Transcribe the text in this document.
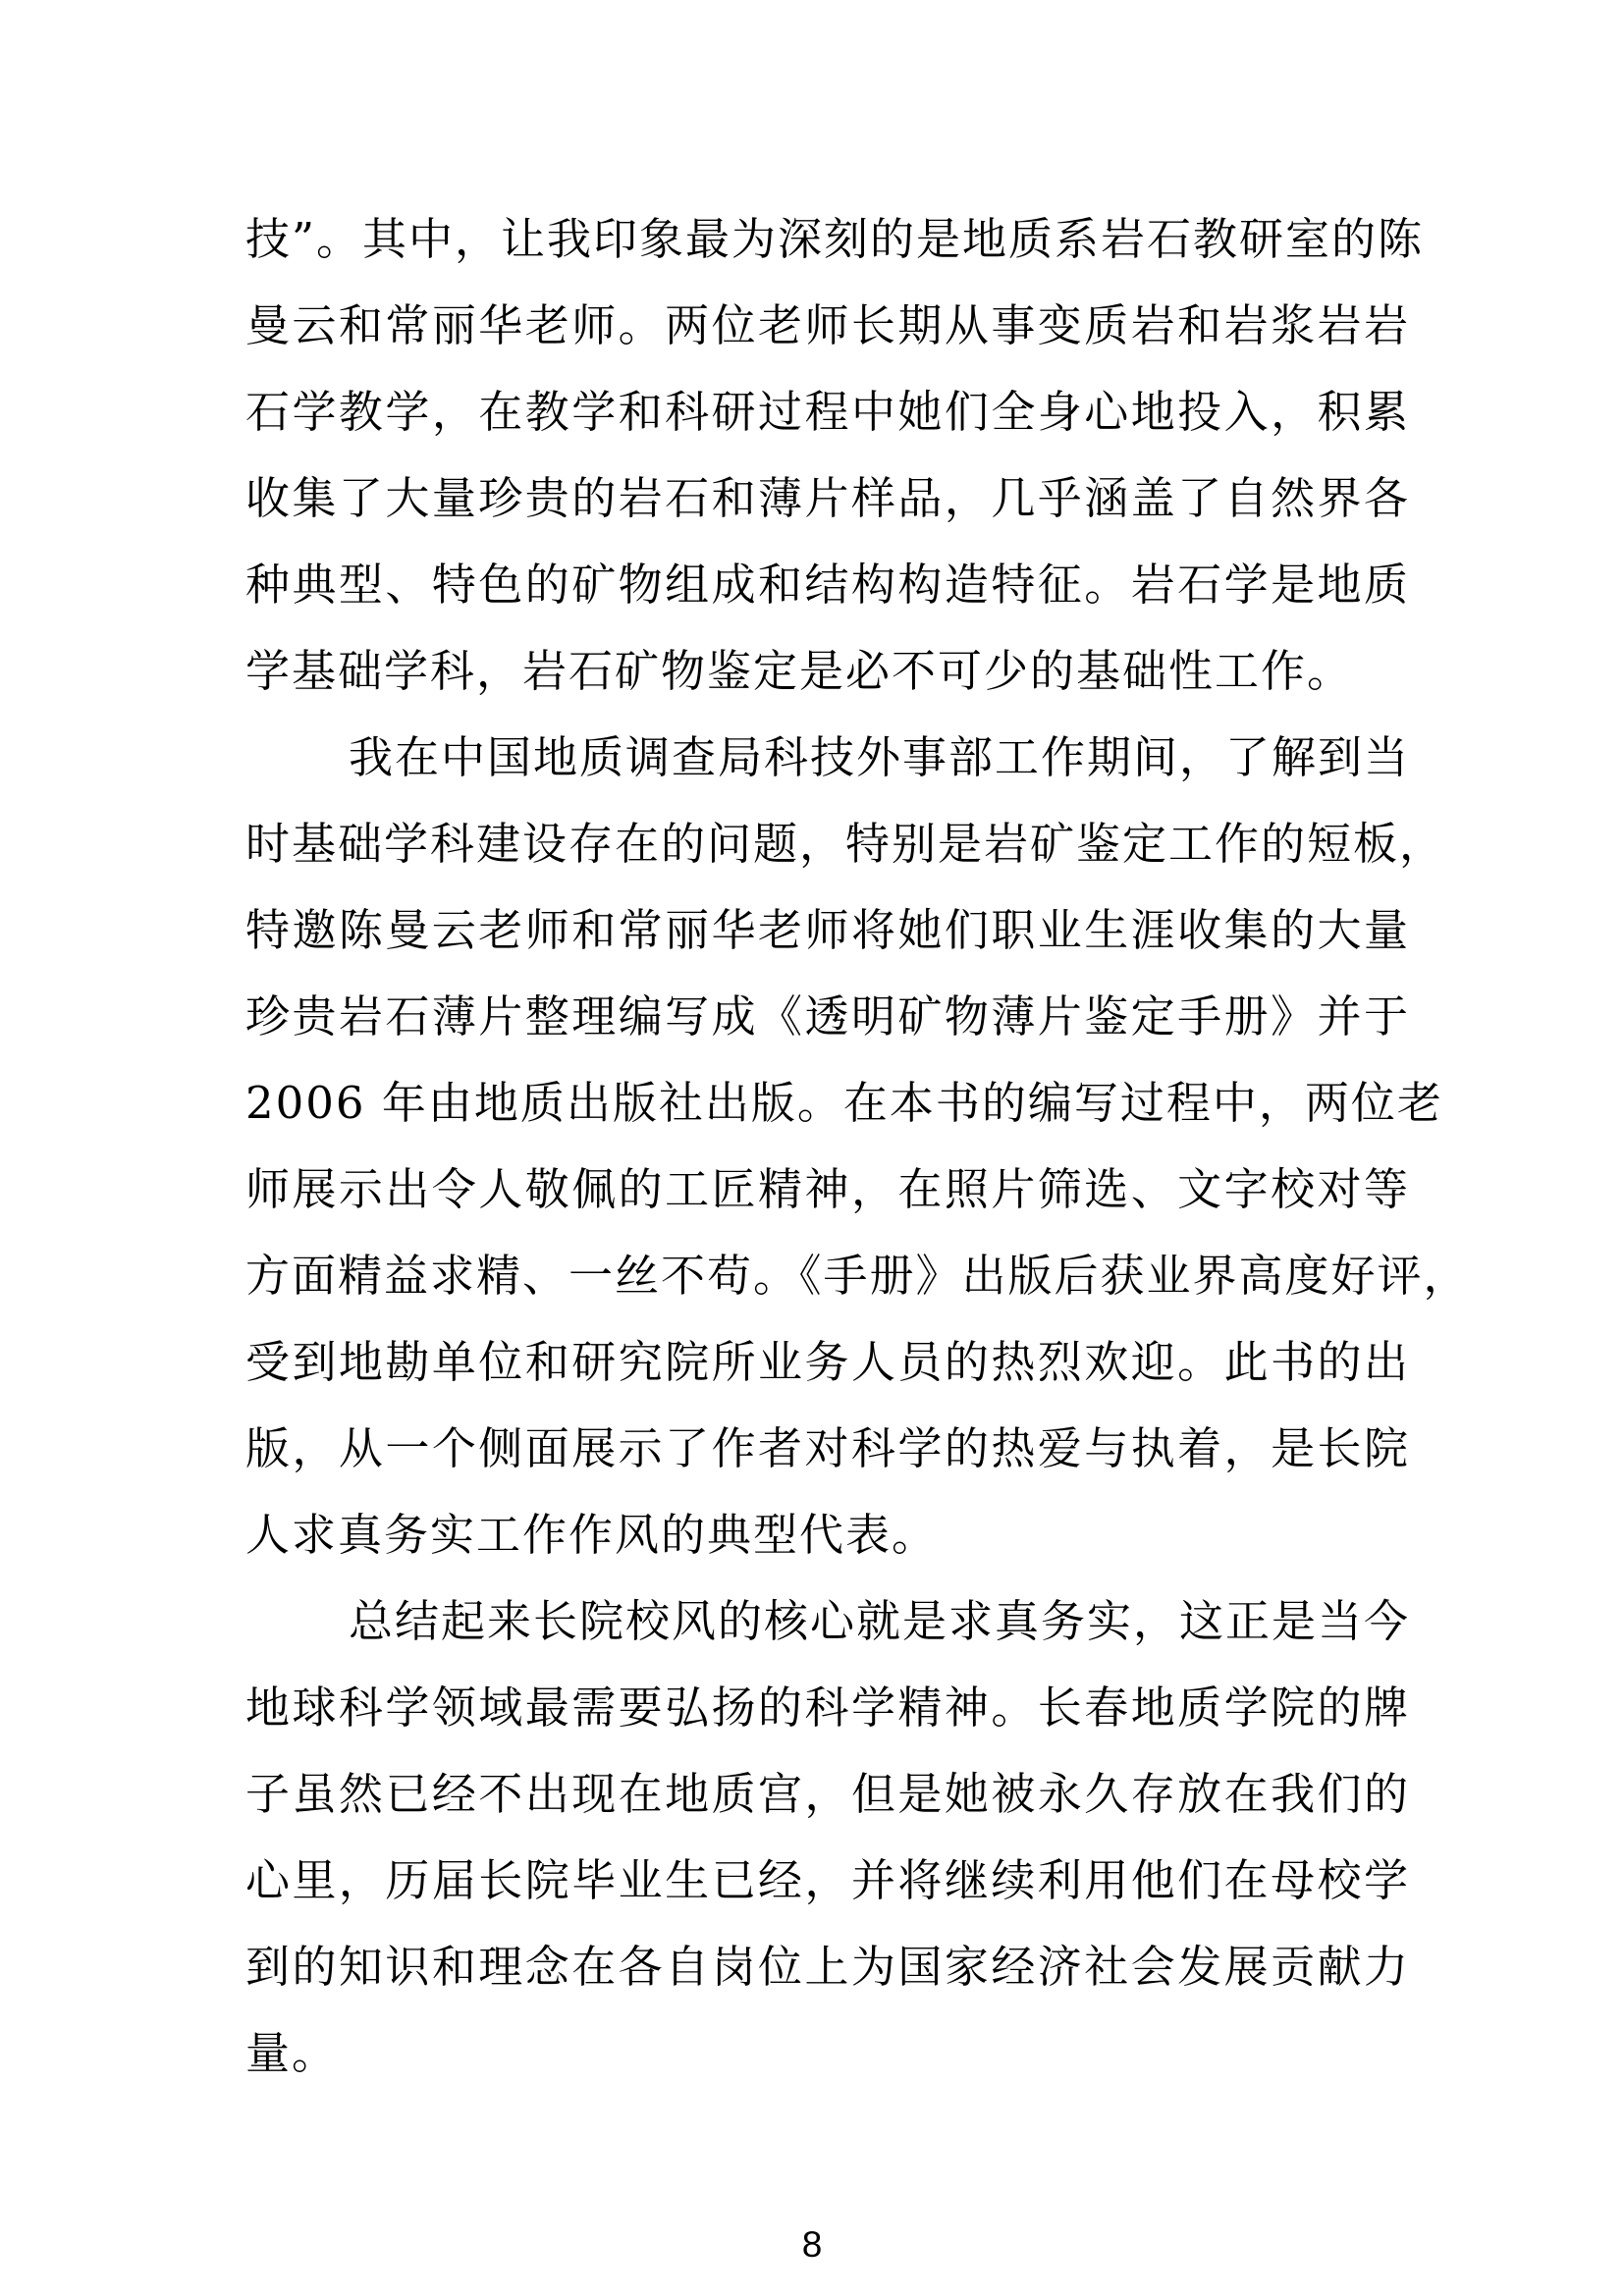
技”。其中，让我印象最为深刻的是地质系岩石教研室的陈
曼云和常丽华老师。两位老师长期从事变质岩和岩浆岩岩
石学教学，在教学和科研过程中她们全身心地投入，积累
收集了大量珍贵的岩石和薄片样品，几乎涵盖了自然界各
种典型、特色的矿物组成和结构构造特征。岩石学是地质
学基础学科，岩石矿物鉴定是必不可少的基础性工作。
我在中国地质调查局科技外事部工作期间，了解到当
时基础学科建设存在的问题，特别是岩矿鉴定工作的短板，
特邀陈曼云老师和常丽华老师将她们职业生涯收集的大量
珍贵岩石薄片整理编写成《透明矿物薄片鉴定手册》并于
2006 年由地质出版社出版。在本书的编写过程中，两位老
师展示出令人敬佩的工匠精神，在照片筛选、文字校对等
方面精益求精、一丝不苟。《手册》出版后获业界高度好评，
受到地勘单位和研究院所业务人员的热烈欢迎。此书的出
版，从一个侧面展示了作者对科学的热爱与执着，是长院
人求真务实工作作风的典型代表。
总结起来长院校风的核心就是求真务实，这正是当今
地球科学领域最需要弘扬的科学精神。长春地质学院的牌
子虽然已经不出现在地质宫，但是她被永久存放在我们的
心里，历届长院毕业生已经，并将继续利用他们在母校学
到的知识和理念在各自岗位上为国家经济社会发展贡献力
量。
8
